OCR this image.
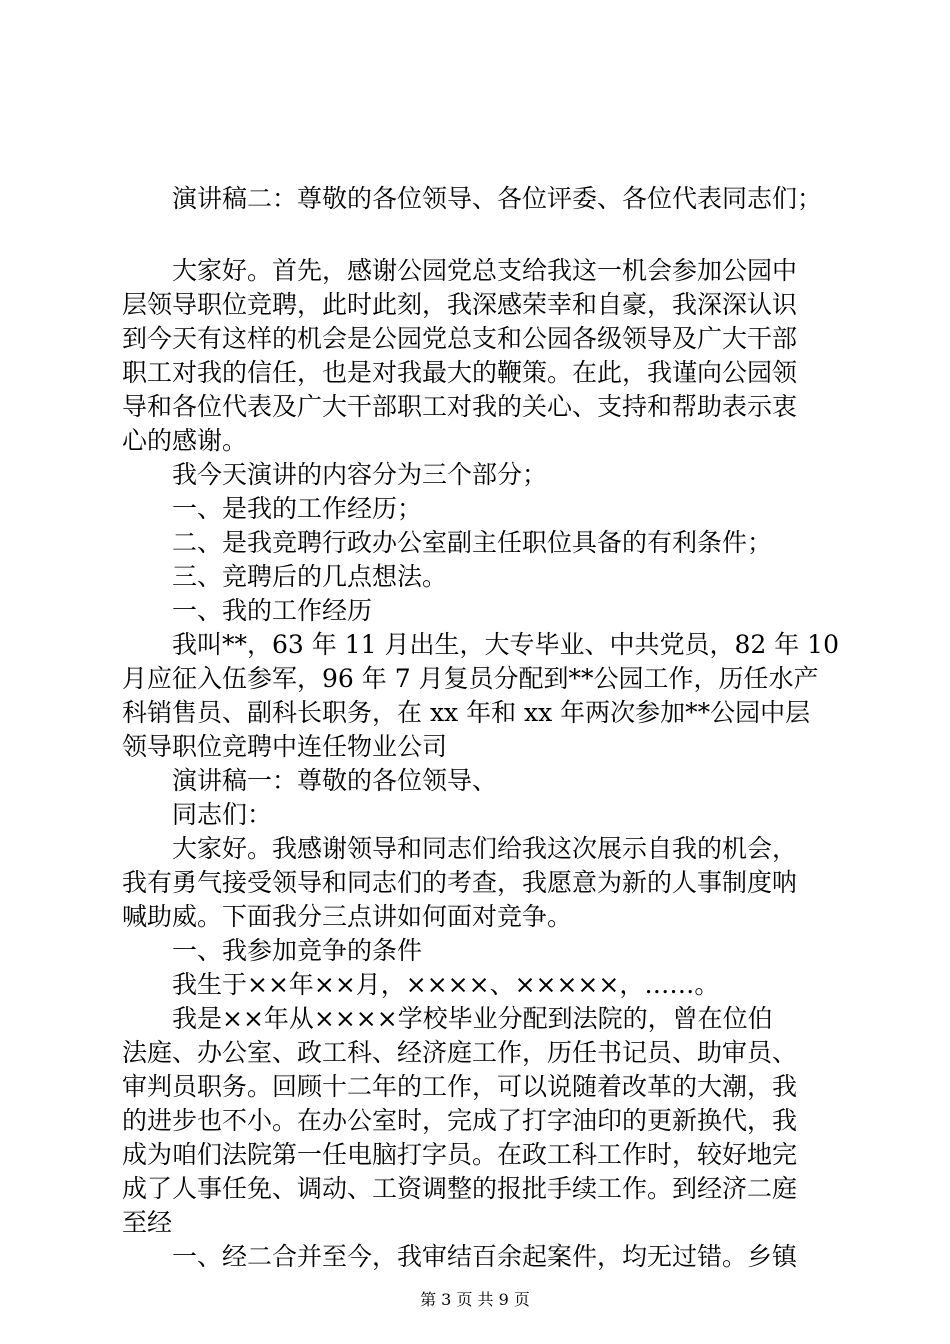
　　演讲稿二：尊敬的各位领导、各位评委、各位代表同志们；
　　大家好。首先，感谢公园党总支给我这一机会参加公园中
层领导职位竞聘，此时此刻，我深感荣幸和自豪，我深深认识
到今天有这样的机会是公园党总支和公园各级领导及广大干部
职工对我的信任，也是对我最大的鞭策。在此，我谨向公园领
导和各位代表及广大干部职工对我的关心、支持和帮助表示衷
心的感谢。
　　我今天演讲的内容分为三个部分；
　　一、是我的工作经历；
　　二、是我竞聘行政办公室副主任职位具备的有利条件；
　　三、竞聘后的几点想法。
　　一、我的工作经历
　　我叫**，63 年 11 月出生，大专毕业、中共党员，82 年 10
月应征入伍参军，96 年 7 月复员分配到**公园工作，历任水产
科销售员、副科长职务，在 xx 年和 xx 年两次参加**公园中层
领导职位竞聘中连任物业公司
　　演讲稿一：尊敬的各位领导、
　　同志们：
　　大家好。我感谢领导和同志们给我这次展示自我的机会，
我有勇气接受领导和同志们的考查，我愿意为新的人事制度呐
喊助威。下面我分三点讲如何面对竞争。
　　一、我参加竞争的条件
　　我生于××年××月，××××、×××××，……。
　　我是××年从××××学校毕业分配到法院的，曾在位伯
法庭、办公室、政工科、经济庭工作，历任书记员、助审员、
审判员职务。回顾十二年的工作，可以说随着改革的大潮，我
的进步也不小。在办公室时，完成了打字油印的更新换代，我
成为咱们法院第一任电脑打字员。在政工科工作时，较好地完
成了人事任免、调动、工资调整的报批手续工作。到经济二庭
至经
　　一、经二合并至今，我审结百余起案件，均无过错。乡镇
第 3 页 共 9 页
